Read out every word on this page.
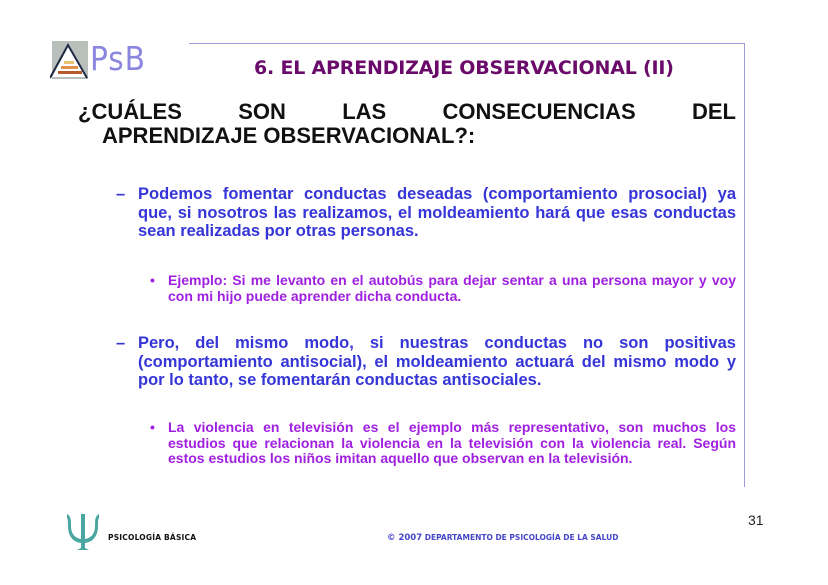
PsB	6. EL APRENDIZAJE OBSERVACIONAL (II)
¿CUÁLES	SON	LAS	CONSECUENCIAS	DEL
APRENDIZAJE OBSERVACIONAL?:
– Podemos fomentar conductas deseadas (comportamiento prosocial) ya que, si nosotros las realizamos, el moldeamiento hará que esas conductas sean realizadas por otras personas.
• Ejemplo: Si me levanto en el autobús para dejar sentar a una persona mayor y voy con mi hijo puede aprender dicha conducta.
– Pero, del mismo modo, si nuestras conductas no son positivas (comportamiento antisocial), el moldeamiento actuará del mismo modo y por lo tanto, se fomentarán conductas antisociales.
• La violencia en televisión es el ejemplo más representativo, son muchos los estudios que relacionan la violencia en la televisión con la violencia real. Según estos estudios los niños imitan aquello que observan en la televisión.
PSICOLOGÍA BÁSICA	© 2007 DEPARTAMENTO DE PSICOLOGÍA DE LA SALUD
31
